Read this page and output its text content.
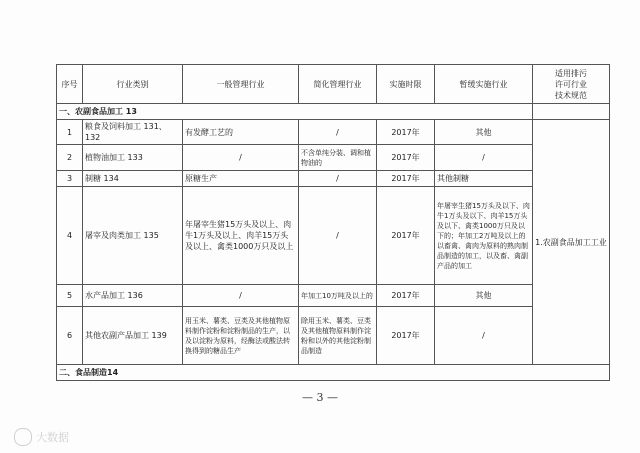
序号	行业类别	一般管理行业	简化管理行业	实施时限	暂缓实施行业	适用排污
许可行业
技术规范
一、农副食品加工 13						
1	粮食及饲料加工 131、132	有发酵工艺的	/	2017年	其他	1.农副食品加工工业
2	植物油加工 133	/	不含单纯分装、调和植物油的	2017年	/	
3	制糖 134	原糖生产	/	2017年	其他制糖	
4	屠宰及肉类加工 135	年屠宰生猪15万头及以上、肉牛1万头及以上、肉羊15万头及以上、禽类1000万只及以上	/	2017年	年屠宰生猪15万头及以下、肉牛1万头及以下、肉羊15万头及以下、禽类1000万只及以下的；年加工2万吨及以上的以畜禽、禽肉为原料的熟肉制品制造的加工，以及畜、禽副产品的加工	
5	水产品加工 136	/	年加工10万吨及以上的	2017年	其他	
6	其他农副产品加工 139	用玉米、薯类、豆类及其他植物原料制作淀粉和淀粉制品的生产，以及以淀粉为原料，经酶法或酸法转换得到的糖品生产	除用玉米、薯类、豆类及其他植物原料制作淀粉和以外的其他淀粉制品制造	2017年	/	
二、食品制造14						
— 3 —
大数据
